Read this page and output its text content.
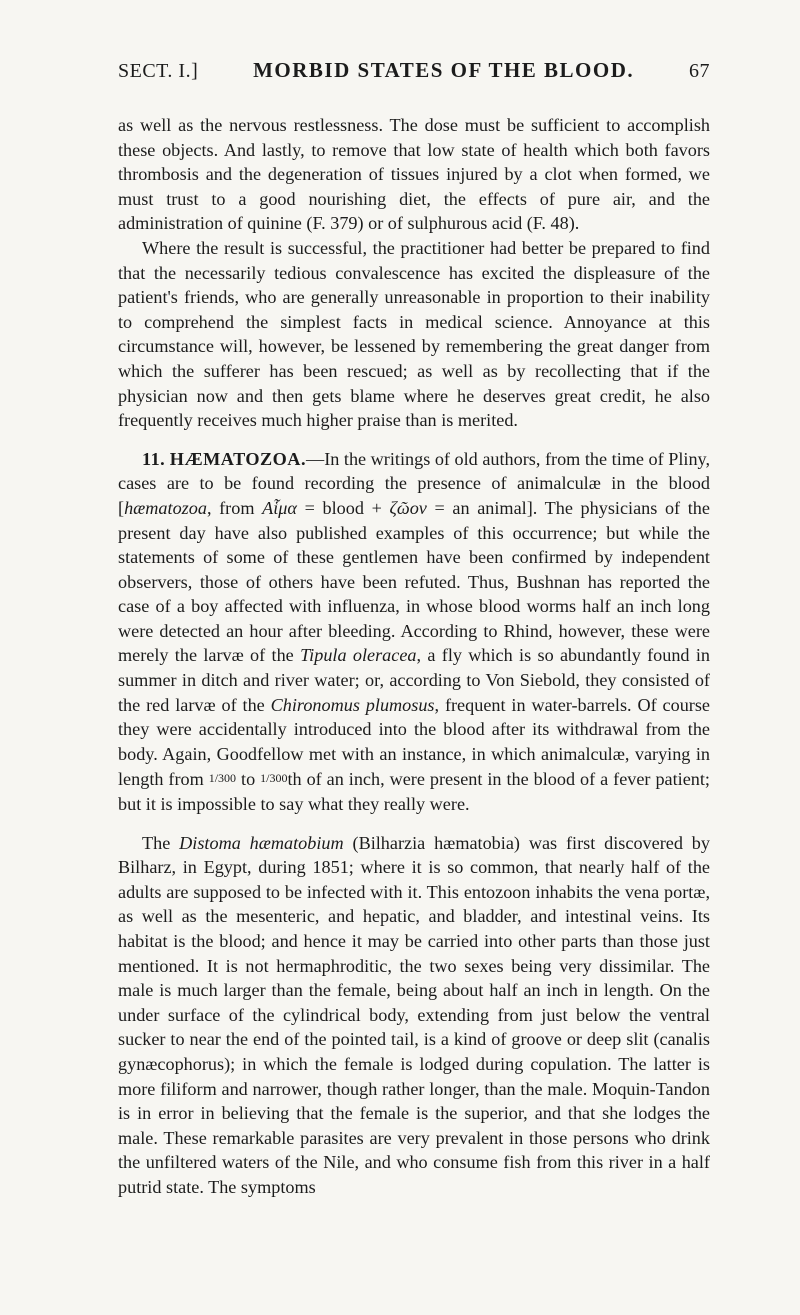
SECT. I.]	MORBID STATES OF THE BLOOD.	67

as well as the nervous restlessness. The dose must be sufficient to accomplish these objects. And lastly, to remove that low state of health which both favors thrombosis and the degeneration of tissues injured by a clot when formed, we must trust to a good nourishing diet, the effects of pure air, and the administration of quinine (F. 379) or of sulphurous acid (F. 48).

Where the result is successful, the practitioner had better be prepared to find that the necessarily tedious convalescence has excited the displeasure of the patient's friends, who are generally unreasonable in proportion to their inability to comprehend the simplest facts in medical science. Annoyance at this circumstance will, however, be lessened by remembering the great danger from which the sufferer has been rescued; as well as by recollecting that if the physician now and then gets blame where he deserves great credit, he also frequently receives much higher praise than is merited.

11. HÆMATOZOA.—In the writings of old authors, from the time of Pliny, cases are to be found recording the presence of animalculæ in the blood [hæmatozoa, from Aἷμα = blood + ζῶον = an animal]. The physicians of the present day have also published examples of this occurrence; but while the statements of some of these gentlemen have been confirmed by independent observers, those of others have been refuted. Thus, Bushnan has reported the case of a boy affected with influenza, in whose blood worms half an inch long were detected an hour after bleeding. According to Rhind, however, these were merely the larvæ of the Tipula oleracea, a fly which is so abundantly found in summer in ditch and river water; or, according to Von Siebold, they consisted of the red larvæ of the Chironomus plumosus, frequent in water-barrels. Of course they were accidentally introduced into the blood after its withdrawal from the body. Again, Goodfellow met with an instance, in which animalculæ, varying in length from 1/300 to 1/300th of an inch, were present in the blood of a fever patient; but it is impossible to say what they really were.

The Distoma hæmatobium (Bilharzia hæmatobia) was first discovered by Bilharz, in Egypt, during 1851; where it is so common, that nearly half of the adults are supposed to be infected with it. This entozoon inhabits the vena portæ, as well as the mesenteric, and hepatic, and bladder, and intestinal veins. Its habitat is the blood; and hence it may be carried into other parts than those just mentioned. It is not hermaphroditic, the two sexes being very dissimilar. The male is much larger than the female, being about half an inch in length. On the under surface of the cylindrical body, extending from just below the ventral sucker to near the end of the pointed tail, is a kind of groove or deep slit (canalis gynæcophorus); in which the female is lodged during copulation. The latter is more filiform and narrower, though rather longer, than the male. Moquin-Tandon is in error in believing that the female is the superior, and that she lodges the male. These remarkable parasites are very prevalent in those persons who drink the unfiltered waters of the Nile, and who consume fish from this river in a half putrid state. The symptoms
